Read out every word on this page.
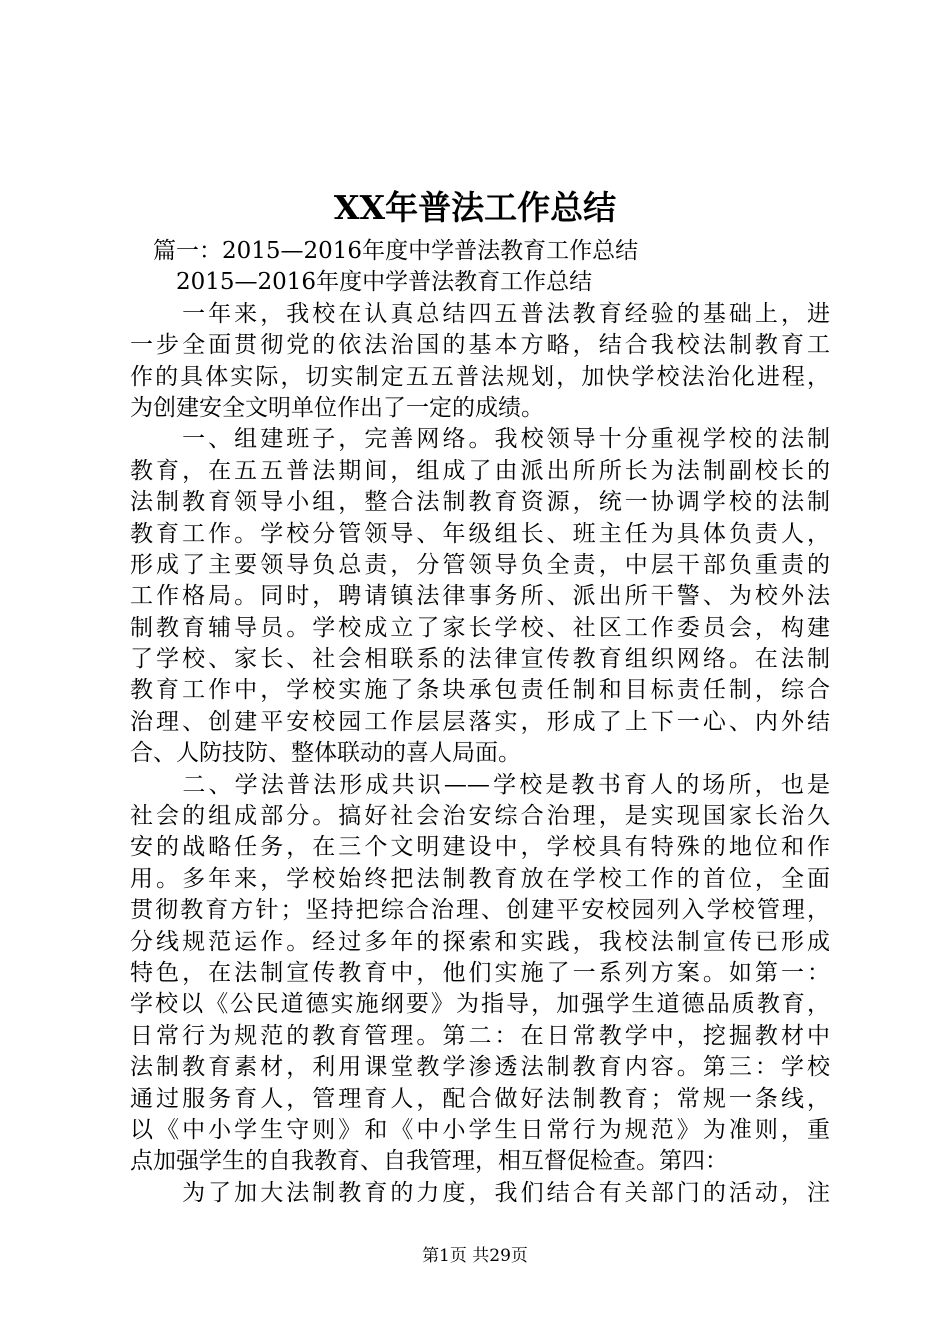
XX年普法工作总结
　篇一：2015—2016年度中学普法教育工作总结
　　2015—2016年度中学普法教育工作总结
　　一年来，我校在认真总结四五普法教育经验的基础上，进
一步全面贯彻党的依法治国的基本方略，结合我校法制教育工
作的具体实际，切实制定五五普法规划，加快学校法治化进程，
为创建安全文明单位作出了一定的成绩。
　　一、组建班子，完善网络。我校领导十分重视学校的法制
教育，在五五普法期间，组成了由派出所所长为法制副校长的
法制教育领导小组，整合法制教育资源，统一协调学校的法制
教育工作。学校分管领导、年级组长、班主任为具体负责人，
形成了主要领导负总责，分管领导负全责，中层干部负重责的
工作格局。同时，聘请镇法律事务所、派出所干警、为校外法
制教育辅导员。学校成立了家长学校、社区工作委员会，构建
了学校、家长、社会相联系的法律宣传教育组织网络。在法制
教育工作中，学校实施了条块承包责任制和目标责任制，综合
治理、创建平安校园工作层层落实，形成了上下一心、内外结
合、人防技防、整体联动的喜人局面。
　　二、学法普法形成共识——学校是教书育人的场所，也是
社会的组成部分。搞好社会治安综合治理，是实现国家长治久
安的战略任务，在三个文明建设中，学校具有特殊的地位和作
用。多年来，学校始终把法制教育放在学校工作的首位，全面
贯彻教育方针；坚持把综合治理、创建平安校园列入学校管理，
分线规范运作。经过多年的探索和实践，我校法制宣传已形成
特色，在法制宣传教育中，他们实施了一系列方案。如第一：
学校以《公民道德实施纲要》为指导，加强学生道德品质教育，
日常行为规范的教育管理。第二：在日常教学中，挖掘教材中
法制教育素材，利用课堂教学渗透法制教育内容。第三：学校
通过服务育人，管理育人，配合做好法制教育；常规一条线，
以《中小学生守则》和《中小学生日常行为规范》为准则，重
点加强学生的自我教育、自我管理，相互督促检查。第四：
　　为了加大法制教育的力度，我们结合有关部门的活动，注
第1页 共29页
